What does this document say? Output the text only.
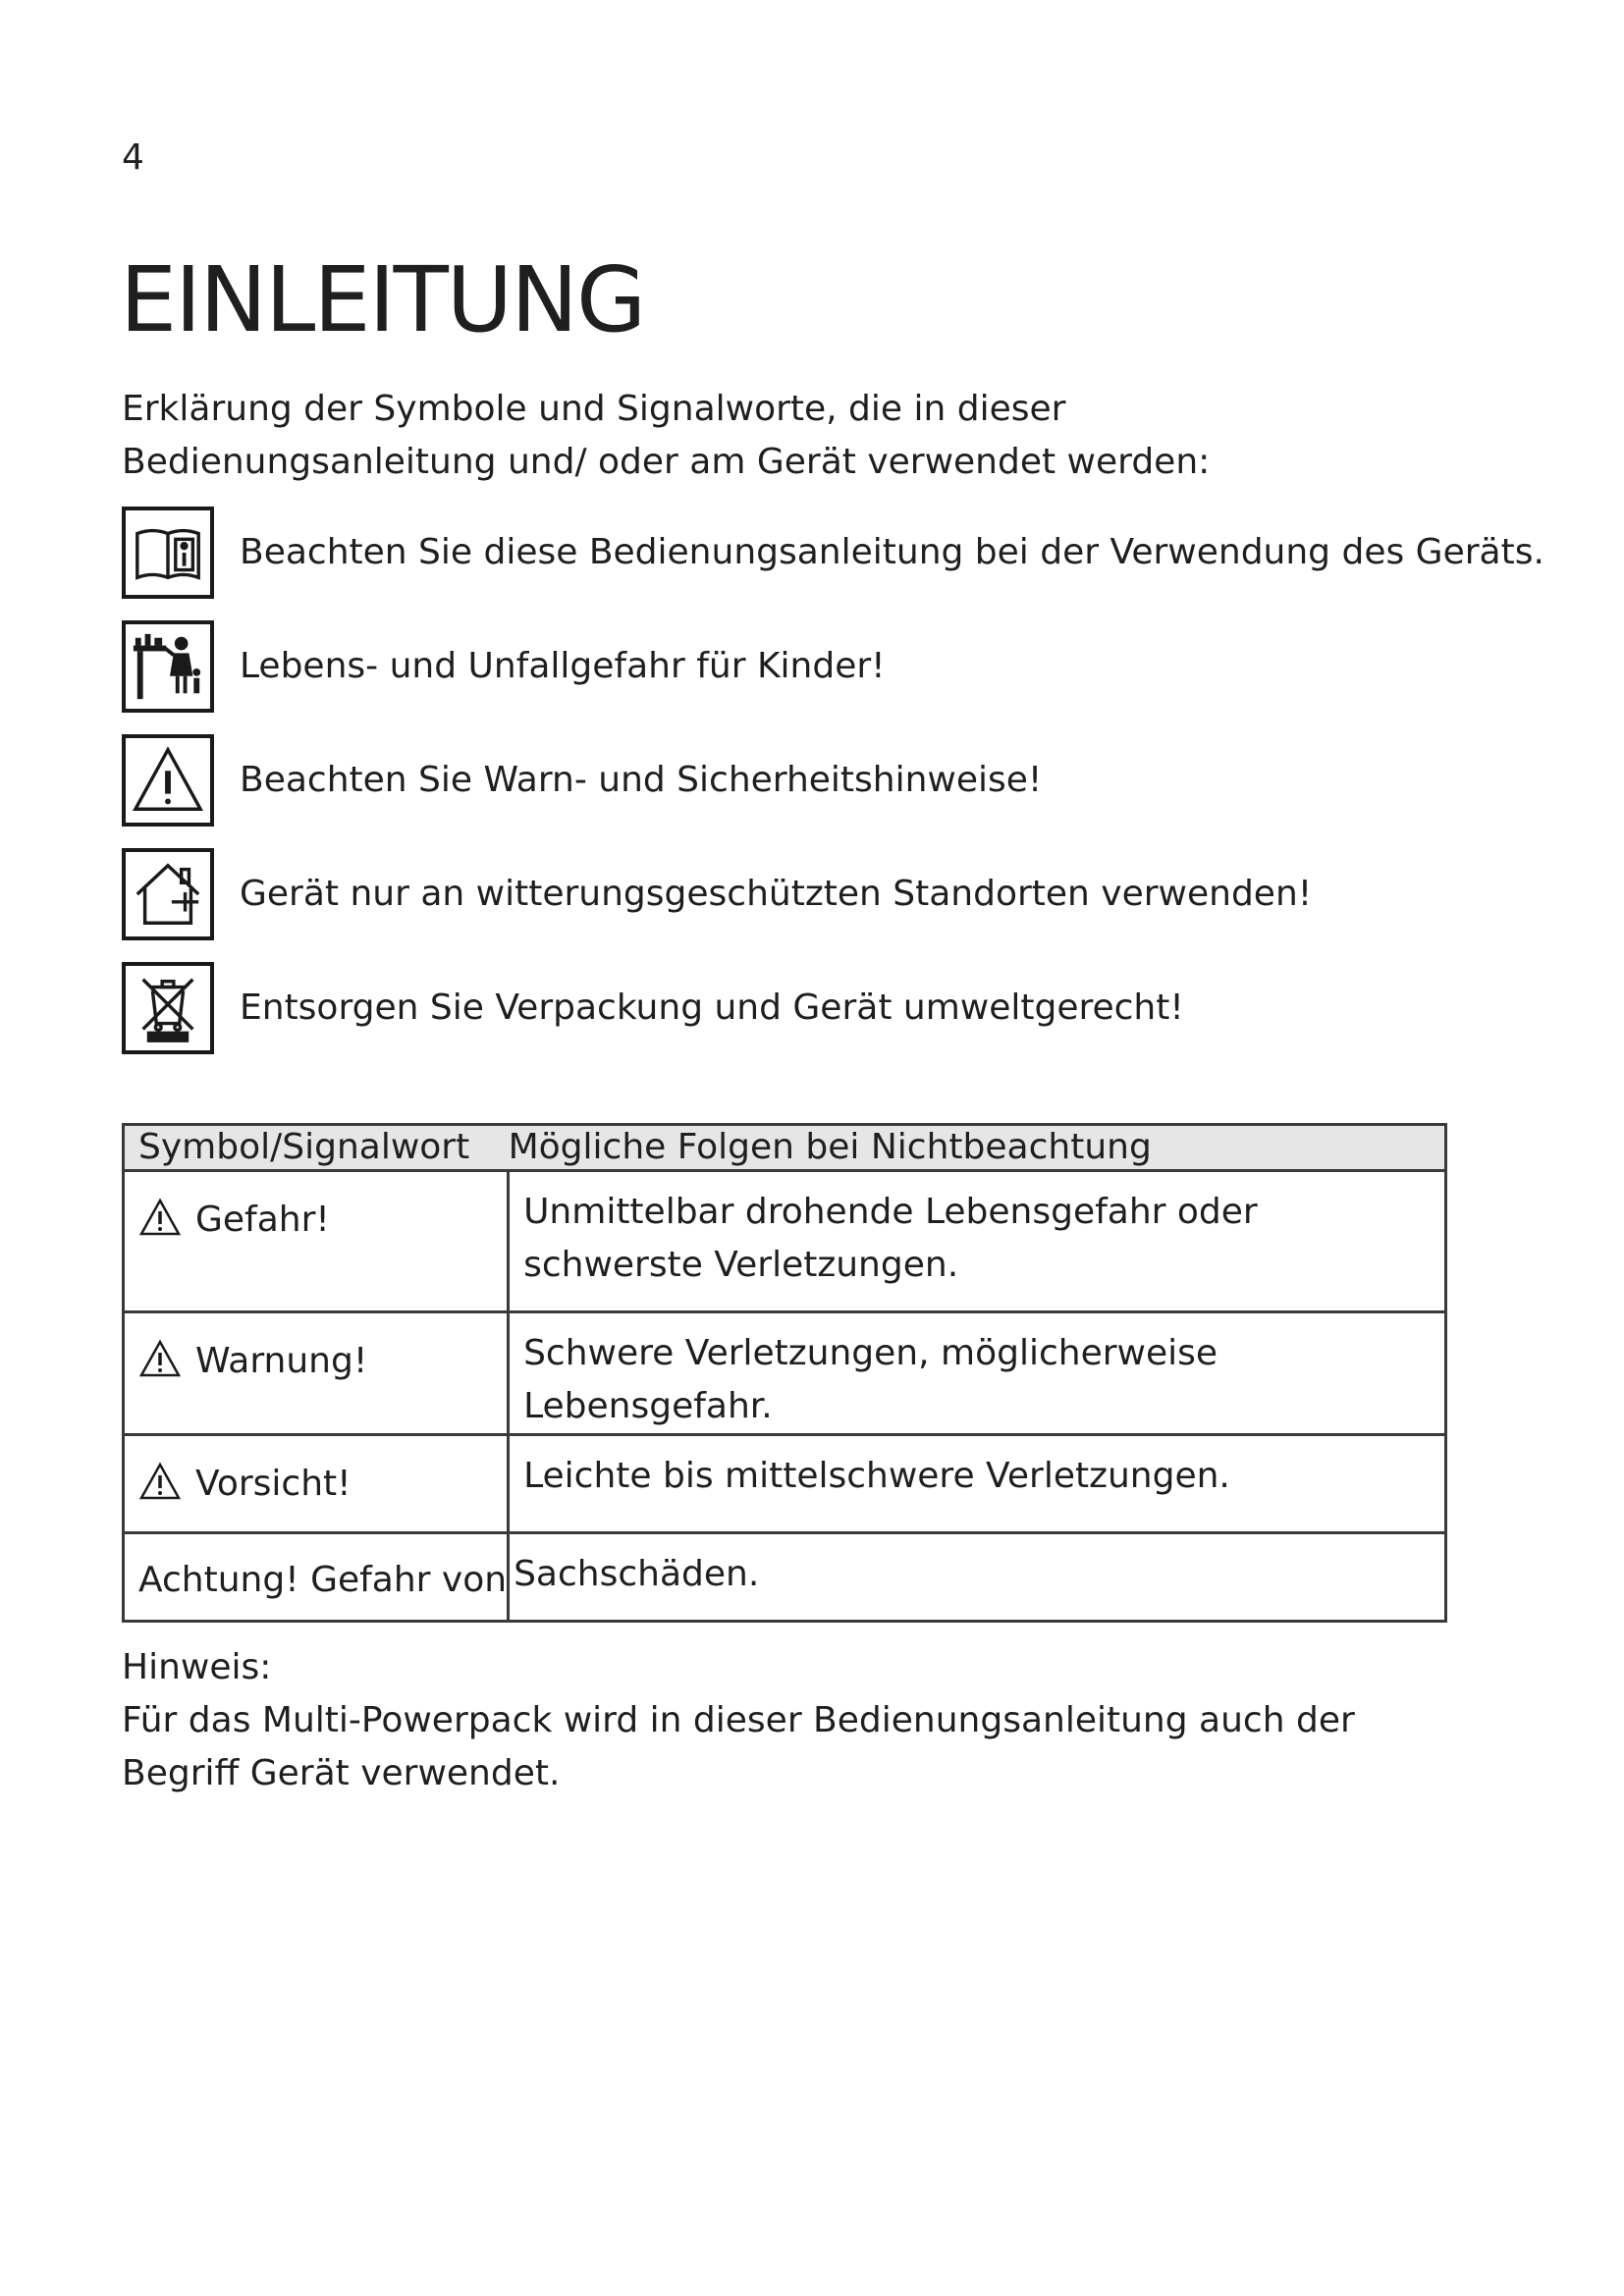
4
EINLEITUNG

Erklärung der Symbole und Signalworte, die in dieser Bedienungsanleitung und/ oder am Gerät verwendet werden:

Beachten Sie diese Bedienungsanleitung bei der Verwendung des Geräts.
Lebens- und Unfallgefahr für Kinder!
Beachten Sie Warn- und Sicherheitshinweise!
Gerät nur an witterungsgeschützten Standorten verwenden!
Entsorgen Sie Verpackung und Gerät umweltgerecht!
Symbol/Signalwort	Mögliche Folgen bei Nichtbeachtung
Gefahr!	Unmittelbar drohende Lebensgefahr oder schwerste Verletzungen.
Warnung!	Schwere Verletzungen, möglicherweise Lebensgefahr.
Vorsicht!	Leichte bis mittelschwere Verletzungen.
Achtung! Gefahr von	Sachschäden.
Hinweis:
Für das Multi-Powerpack wird in dieser Bedienungsanleitung auch der Begriff Gerät verwendet.
